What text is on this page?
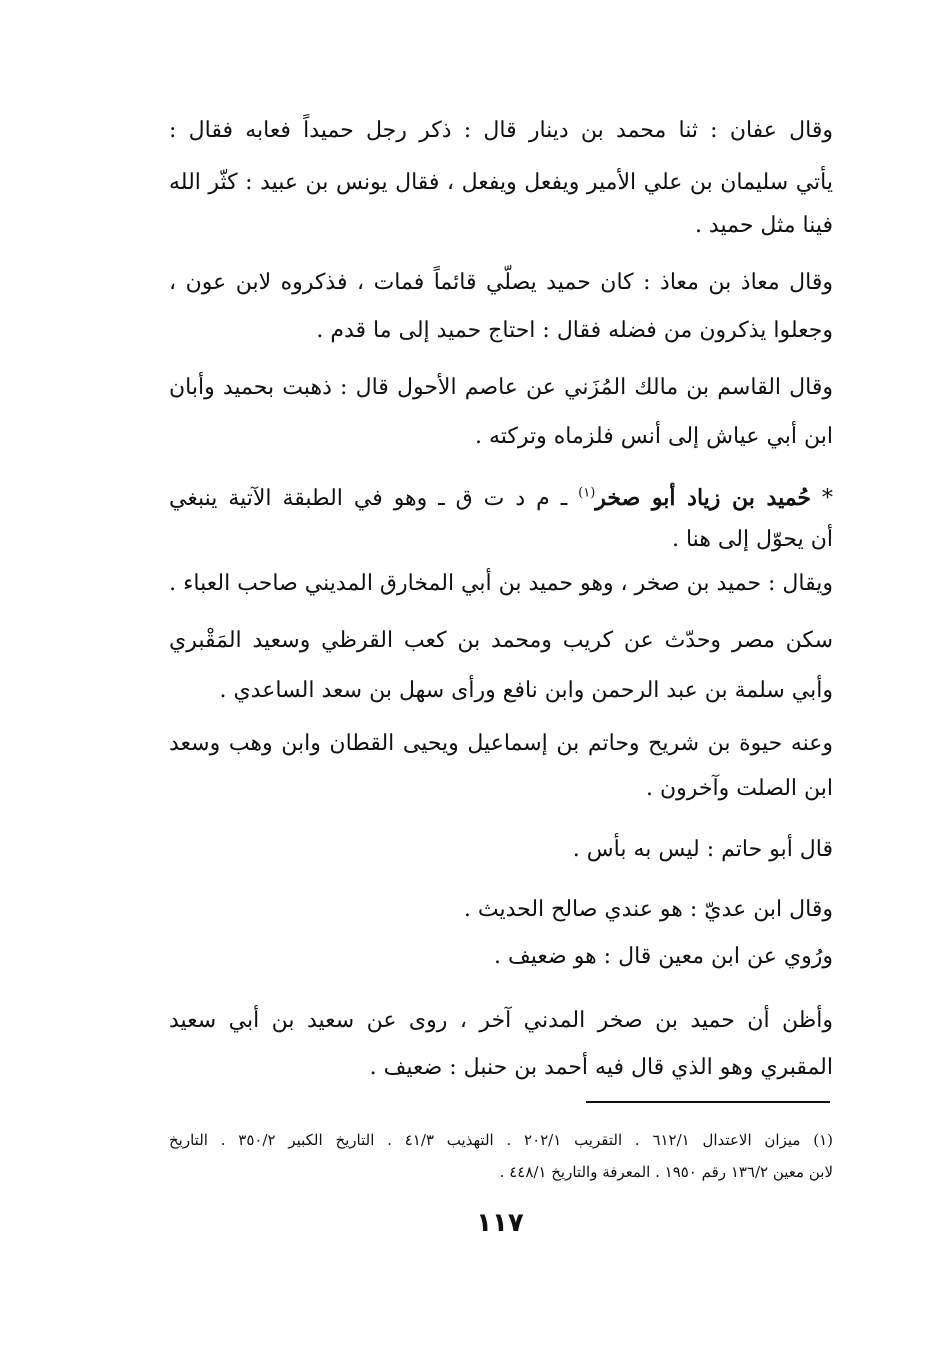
وقال عفان : ثنا محمد بن دينار قال : ذكر رجل حميداً فعابه فقال :
يأتي سليمان بن علي الأمير ويفعل ويفعل ، فقال يونس بن عبيد : كثّر الله
فينا مثل حميد .
وقال معاذ بن معاذ : كان حميد يصلّي قائماً فمات ، فذكروه لابن عون ،
وجعلوا يذكرون من فضله فقال : احتاج حميد إلى ما قدم .
وقال القاسم بن مالك المُزَني عن عاصم الأحول قال : ذهبت بحميد وأبان
ابن أبي عياش إلى أنس فلزماه وتركته .
* حُميد بن زياد أبو صخر$^{(١)}$ ـ م د ت ق ـ وهو في الطبقة الآتية ينبغي
أن يحوّل إلى هنا .
ويقال : حميد بن صخر ، وهو حميد بن أبي المخارق المديني صاحب العباء .
سكن مصر وحدّث عن كريب ومحمد بن كعب القرظي وسعيد المَقْبري
وأبي سلمة بن عبد الرحمن وابن نافع ورأى سهل بن سعد الساعدي .
وعنه حيوة بن شريح وحاتم بن إسماعيل ويحيى القطان وابن وهب وسعد
ابن الصلت وآخرون .
قال أبو حاتم : ليس به بأس .
وقال ابن عديّ : هو عندي صالح الحديث .
ورُوي عن ابن معين قال : هو ضعيف .
وأظن أن حميد بن صخر المدني آخر ، روى عن سعيد بن أبي سعيد
المقبري وهو الذي قال فيه أحمد بن حنبل : ضعيف .
(١) ميزان الاعتدال ٦١٢/١ . التقريب ٢٠٢/١ . التهذيب ٤١/٣ . التاريخ الكبير ٣٥٠/٢ . التاريخ
لابن معين ١٣٦/٢ رقم ١٩٥٠ . المعرفة والتاريخ ٤٤٨/١ .
١١٧
